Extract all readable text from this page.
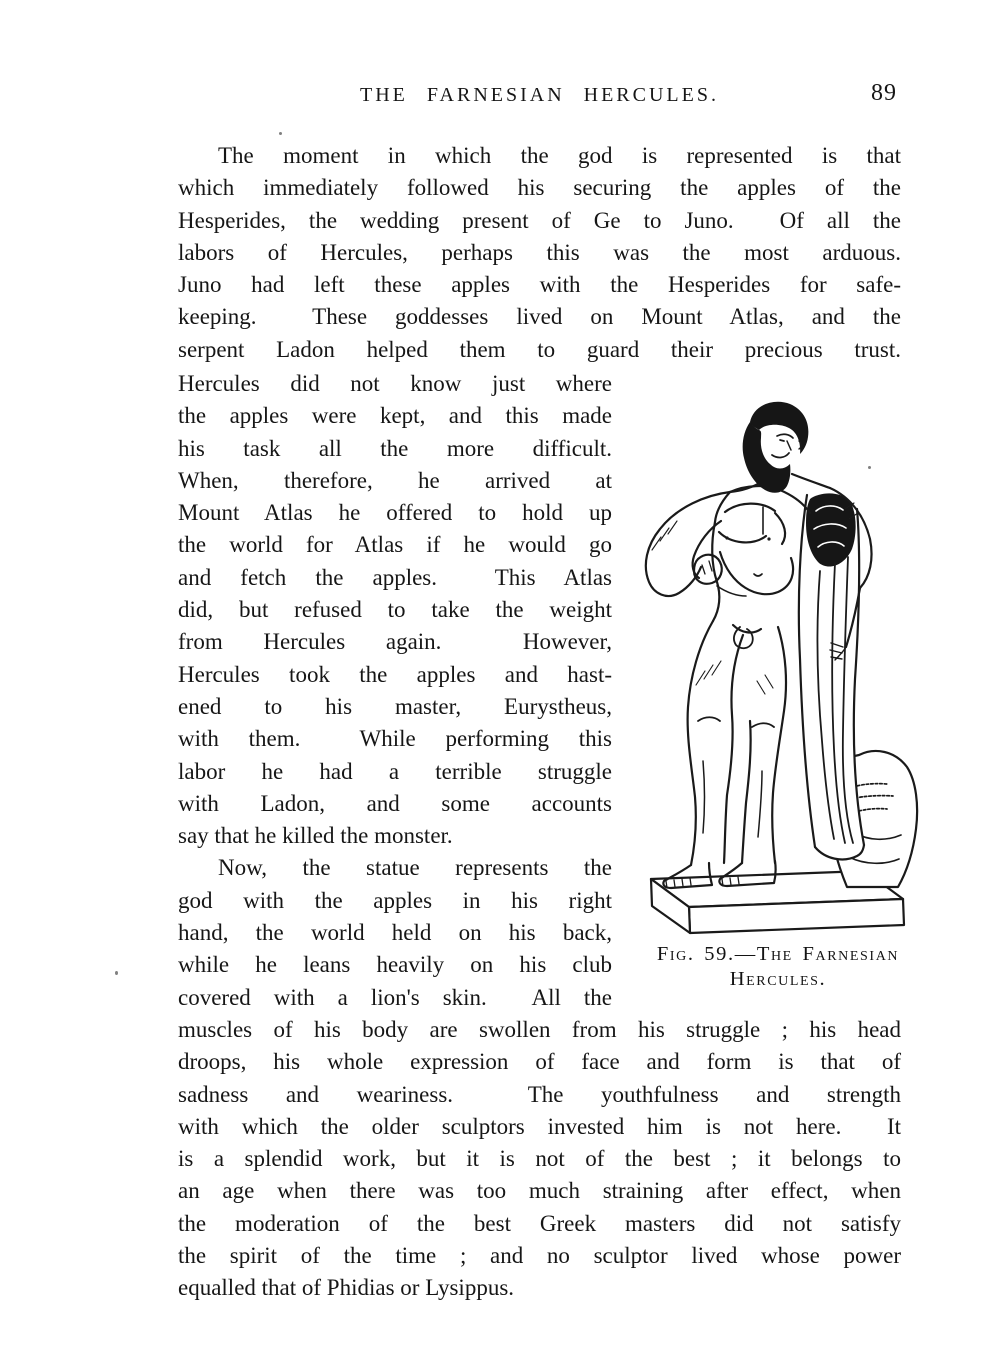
THE FARNESIAN HERCULES.	89
The moment in which the god is represented is that
which immediately followed his securing the apples of the
Hesperides, the wedding present of Ge to Juno.  Of all the
labors of Hercules, perhaps this was the most arduous.
Juno had left these apples with the Hesperides for safe-
keeping.  These goddesses lived on Mount Atlas, and the
serpent Ladon helped them to guard their precious trust.
Hercules did not know just where
the apples were kept, and this made
his task all the more difficult.
When, therefore, he arrived at
Mount Atlas he offered to hold up
the world for Atlas if he would go
and fetch the apples.  This Atlas
did, but refused to take the weight
from Hercules again.  However,
Hercules took the apples and hast-
ened to his master, Eurystheus,
with them.  While performing this
labor he had a terrible struggle
with Ladon, and some accounts
say that he killed the monster.
Now, the statue represents the
god with the apples in his right
hand, the world held on his back,
while he leans heavily on his club
covered with a lion's skin.  All the
Fig. 59.—The Farnesian
Hercules.
muscles of his body are swollen from his struggle ; his head
droops, his whole expression of face and form is that of
sadness and weariness.  The youthfulness and strength
with which the older sculptors invested him is not here.  It
is a splendid work, but it is not of the best ; it belongs to
an age when there was too much straining after effect, when
the moderation of the best Greek masters did not satisfy
the spirit of the time ; and no sculptor lived whose power
equalled that of Phidias or Lysippus.
